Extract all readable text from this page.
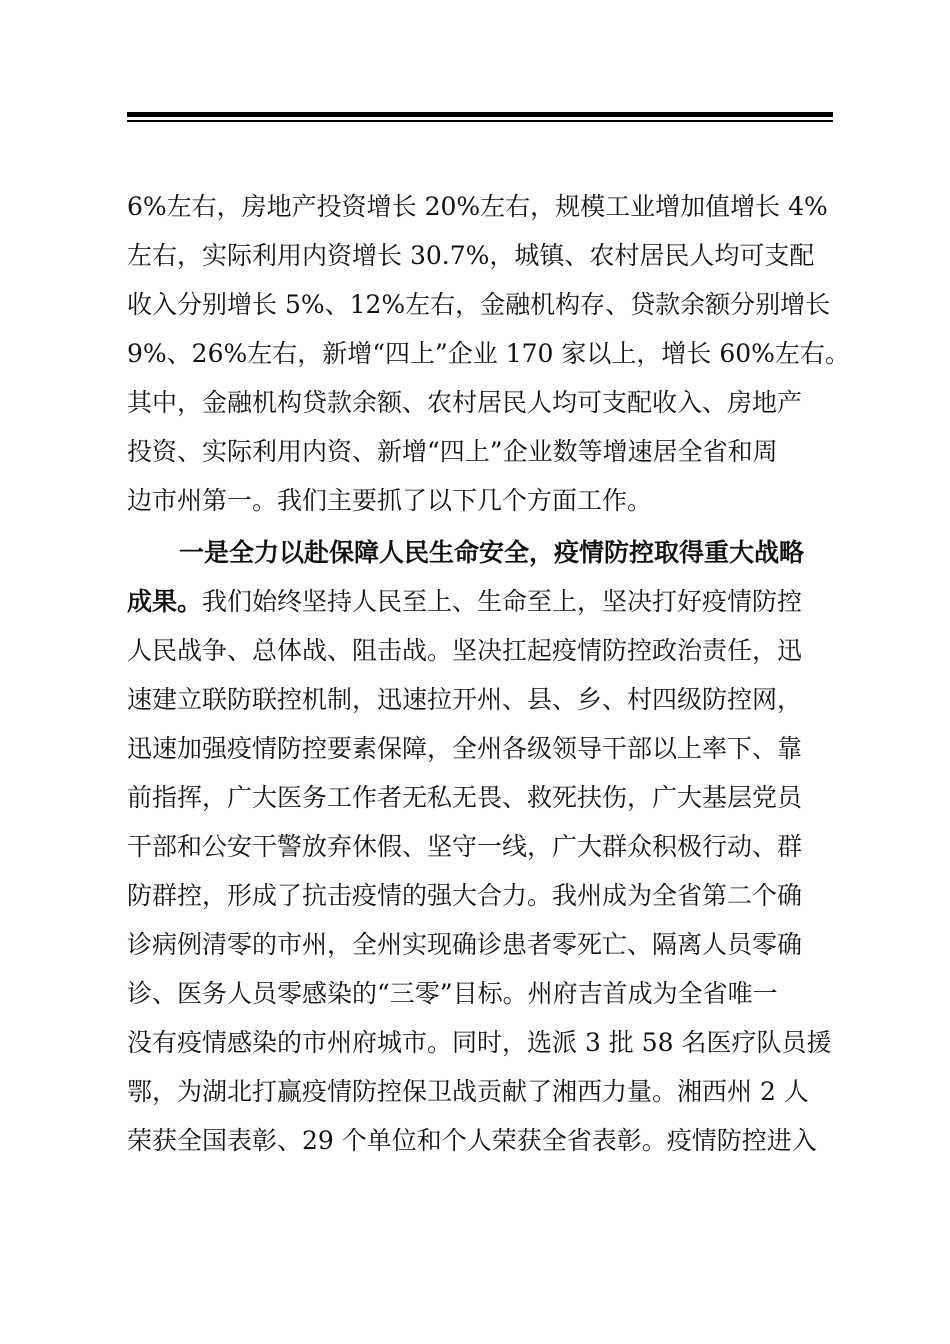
6%左右，房地产投资增长 20%左右，规模工业增加值增长 4%
左右，实际利用内资增长 30.7%，城镇、农村居民人均可支配
收入分别增长 5%、12%左右，金融机构存、贷款余额分别增长
9%、26%左右，新增“四上”企业 170 家以上，增长 60%左右。
其中，金融机构贷款余额、农村居民人均可支配收入、房地产
投资、实际利用内资、新增“四上”企业数等增速居全省和周
边市州第一。我们主要抓了以下几个方面工作。
一是全力以赴保障人民生命安全，疫情防控取得重大战略
成果。我们始终坚持人民至上、生命至上，坚决打好疫情防控
人民战争、总体战、阻击战。坚决扛起疫情防控政治责任，迅
速建立联防联控机制，迅速拉开州、县、乡、村四级防控网，
迅速加强疫情防控要素保障，全州各级领导干部以上率下、靠
前指挥，广大医务工作者无私无畏、救死扶伤，广大基层党员
干部和公安干警放弃休假、坚守一线，广大群众积极行动、群
防群控，形成了抗击疫情的强大合力。我州成为全省第二个确
诊病例清零的市州，全州实现确诊患者零死亡、隔离人员零确
诊、医务人员零感染的“三零”目标。州府吉首成为全省唯一
没有疫情感染的市州府城市。同时，选派 3 批 58 名医疗队员援
鄂，为湖北打赢疫情防控保卫战贡献了湘西力量。湘西州 2 人
荣获全国表彰、29 个单位和个人荣获全省表彰。疫情防控进入
